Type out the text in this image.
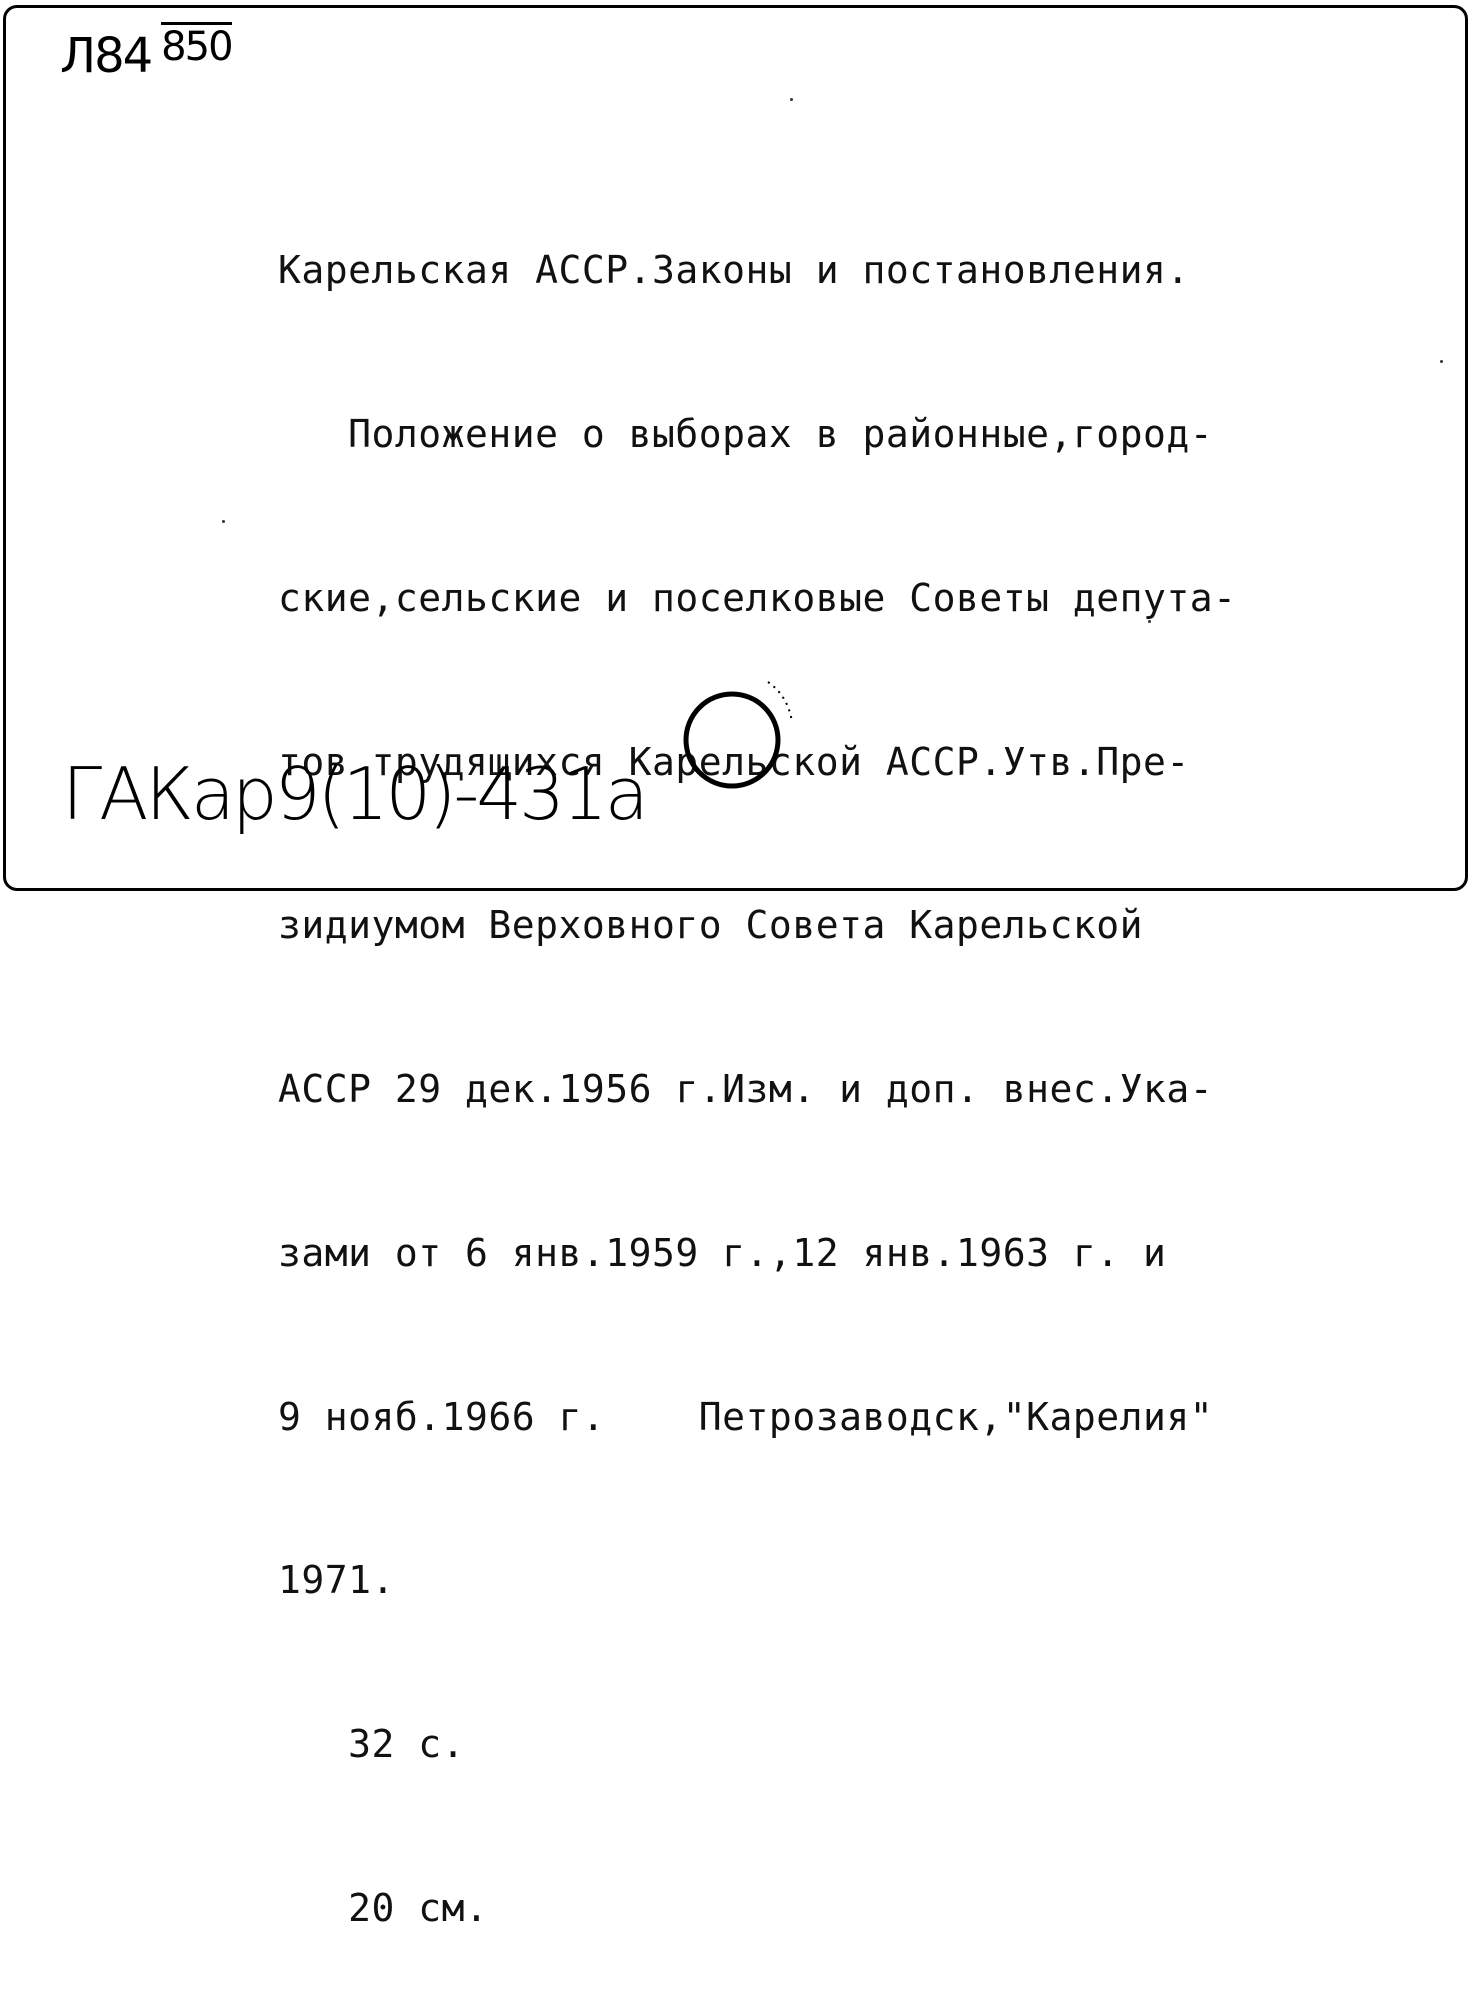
Л84 850

Карельская АССР.Законы и постановления.

Положение о выборах в районные,город-

ские,сельские и поселковые Советы депута-

тов трудящихся Карельской АССР.Утв.Пре-

зидиумом Верховного Совета Карельской

АССР 29 дек.1956 г.Изм. и доп. внес.Ука-

зами от 6 янв.1959 г.,12 янв.1963 г. и

9 нояб.1966 г.    Петрозаводск,"Карелия"

1971.

32 с.

20 см.

ГАКар9(10)-431а
